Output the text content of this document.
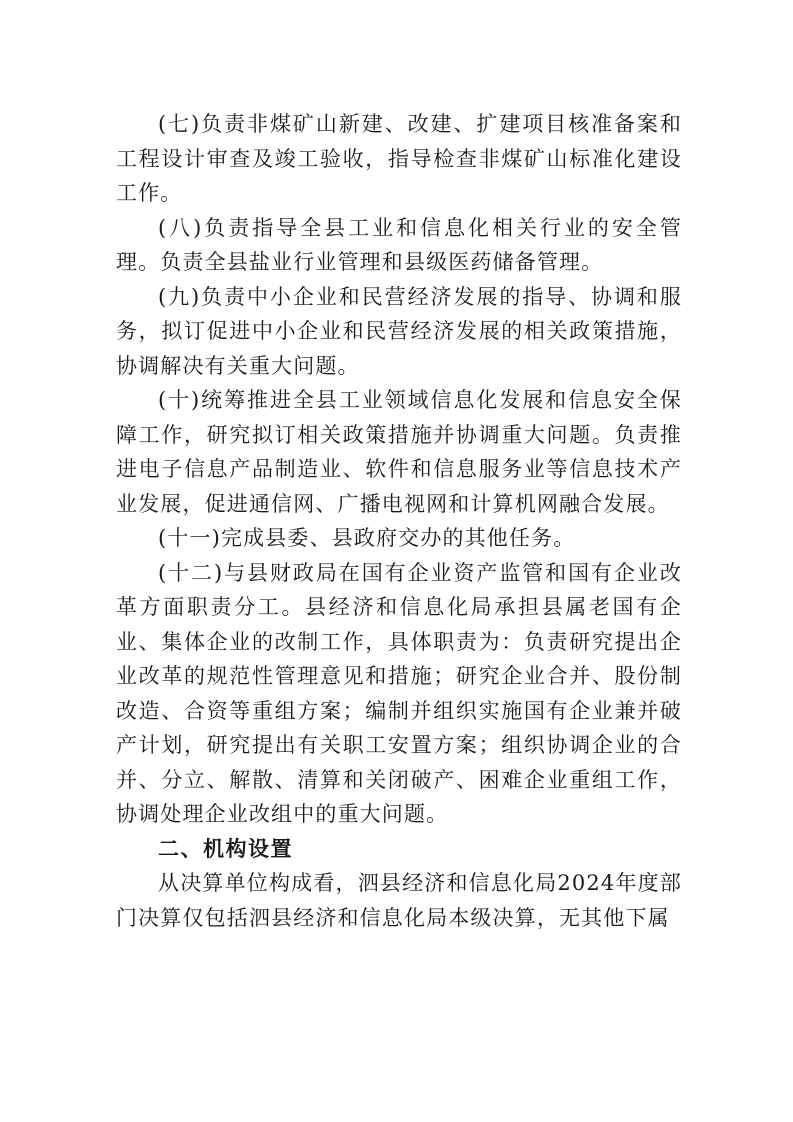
(七)负责非煤矿山新建、改建、扩建项目核准备案和工程设计审查及竣工验收，指导检查非煤矿山标准化建设工作。

(八)负责指导全县工业和信息化相关行业的安全管理。负责全县盐业行业管理和县级医药储备管理。

(九)负责中小企业和民营经济发展的指导、协调和服务，拟订促进中小企业和民营经济发展的相关政策措施，协调解决有关重大问题。

(十)统筹推进全县工业领域信息化发展和信息安全保障工作，研究拟订相关政策措施并协调重大问题。负责推进电子信息产品制造业、软件和信息服务业等信息技术产业发展，促进通信网、广播电视网和计算机网融合发展。

(十一)完成县委、县政府交办的其他任务。

(十二)与县财政局在国有企业资产监管和国有企业改革方面职责分工。县经济和信息化局承担县属老国有企业、集体企业的改制工作，具体职责为：负责研究提出企业改革的规范性管理意见和措施；研究企业合并、股份制改造、合资等重组方案；编制并组织实施国有企业兼并破产计划，研究提出有关职工安置方案；组织协调企业的合并、分立、解散、清算和关闭破产、困难企业重组工作，协调处理企业改组中的重大问题。

二、机构设置

从决算单位构成看，泗县经济和信息化局2024年度部门决算仅包括泗县经济和信息化局本级决算，无其他下属
